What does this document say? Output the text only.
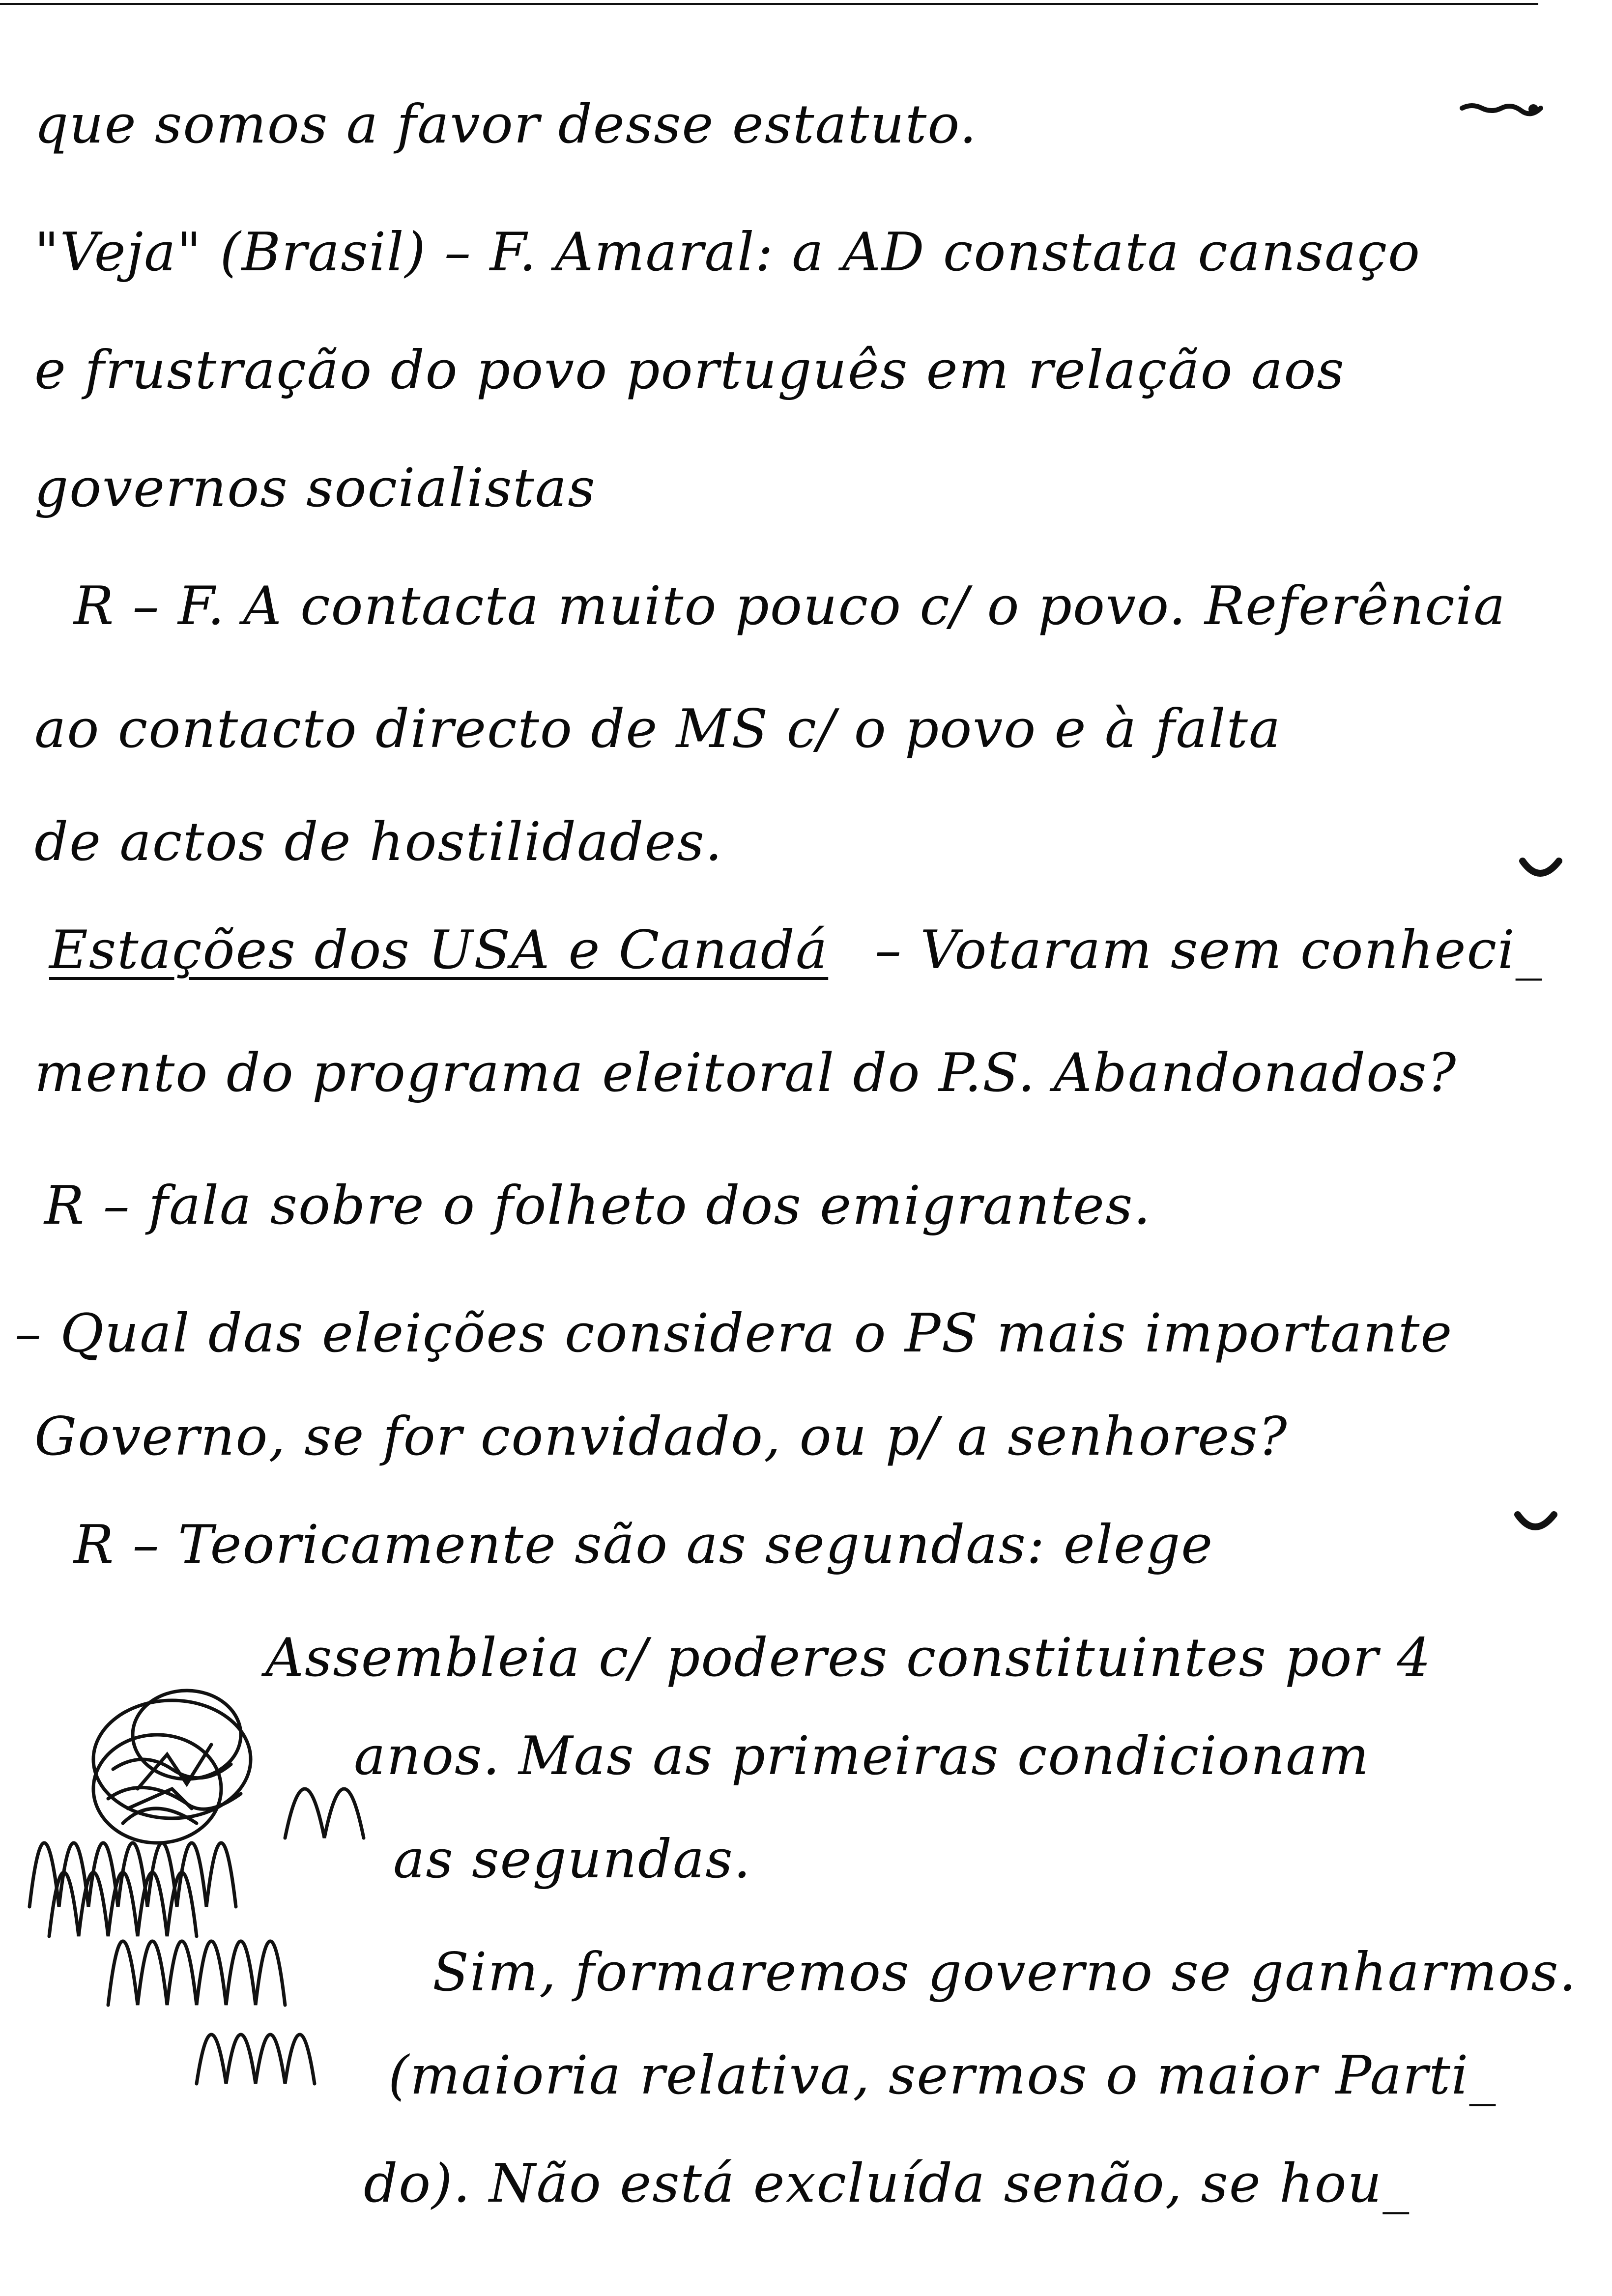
que somos a favor desse estatuto.
"Veja" (Brasil) – F. Amaral: a AD constata cansaço
e frustração do povo português em relação aos
governos socialistas
R – F. A contacta muito pouco c/ o povo. Referência
ao contacto directo de MS c/ o povo e à falta
de actos de hostilidades.
Estações dos USA e Canadá – Votaram sem conheci_
mento do programa eleitoral do P.S. Abandonados?
R – fala sobre o folheto dos emigrantes.
– Qual das eleições considera o PS mais importante
Governo, se for convidado, ou p/ a senhores?
R – Teoricamente são as segundas: elege
Assembleia c/ poderes constituintes por 4
anos. Mas as primeiras condicionam
as segundas.
Sim, formaremos governo se ganharmos.
(maioria relativa, sermos o maior Parti_
do). Não está excluída senão, se hou_
